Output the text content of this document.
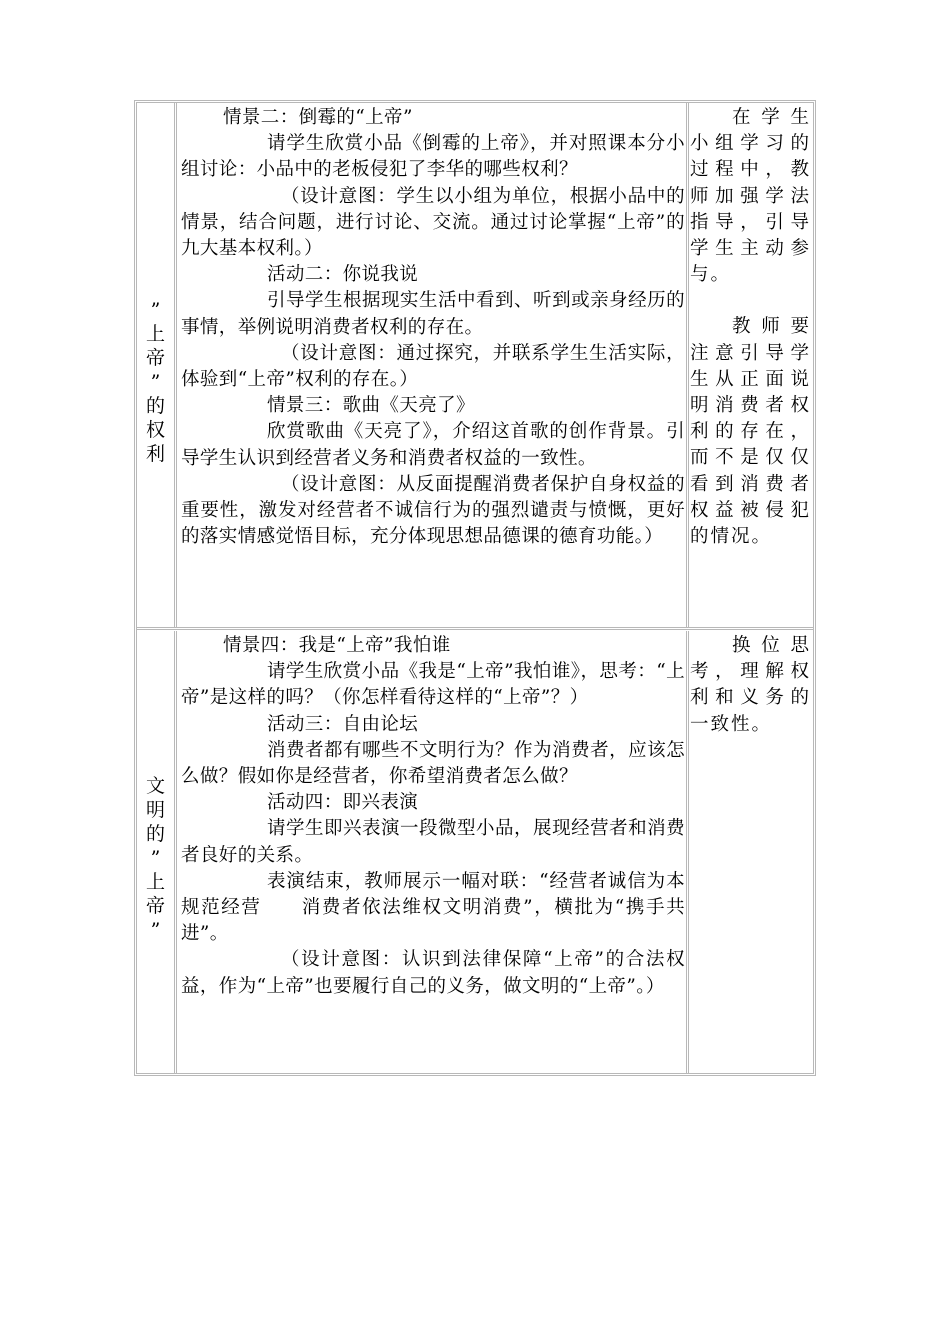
”
上
帝
”
的
权
利

情景二：倒霉的“上帝”

请学生欣赏小品《倒霉的上帝》，并对照课本分小组讨论：小品中的老板侵犯了李华的哪些权利？

（设计意图：学生以小组为单位，根据小品中的情景，结合问题，进行讨论、交流。通过讨论掌握“上帝”的九大基本权利。）

活动二：你说我说

引导学生根据现实生活中看到、听到或亲身经历的事情，举例说明消费者权利的存在。

（设计意图：通过探究，并联系学生生活实际，体验到“上帝”权利的存在。）

情景三：歌曲《天亮了》

欣赏歌曲《天亮了》，介绍这首歌的创作背景。引导学生认识到经营者义务和消费者权益的一致性。

（设计意图：从反面提醒消费者保护自身权益的重要性，激发对经营者不诚信行为的强烈谴责与愤慨，更好的落实情感觉悟目标，充分体现思想品德课的德育功能。）

在学生小组学习的过程中，教师加强学法指导，引导学生主动参与。

教师要注意引导学生从正面说明消费者权利的存在，而不是仅仅看到消费者权益被侵犯的情况。

文
明
的
”
上
帝
”

情景四：我是“上帝”我怕谁

请学生欣赏小品《我是“上帝”我怕谁》，思考：“上帝”是这样的吗？（你怎样看待这样的“上帝”？）

活动三：自由论坛

消费者都有哪些不文明行为？作为消费者，应该怎么做？假如你是经营者，你希望消费者怎么做？

活动四：即兴表演

请学生即兴表演一段微型小品，展现经营者和消费者良好的关系。

表演结束，教师展示一幅对联：“经营者诚信为本规范经营　　消费者依法维权文明消费”，横批为“携手共进”。

（设计意图：认识到法律保障“上帝”的合法权益，作为“上帝”也要履行自己的义务，做文明的“上帝”。）

换位思考，理解权利和义务的一致性。
